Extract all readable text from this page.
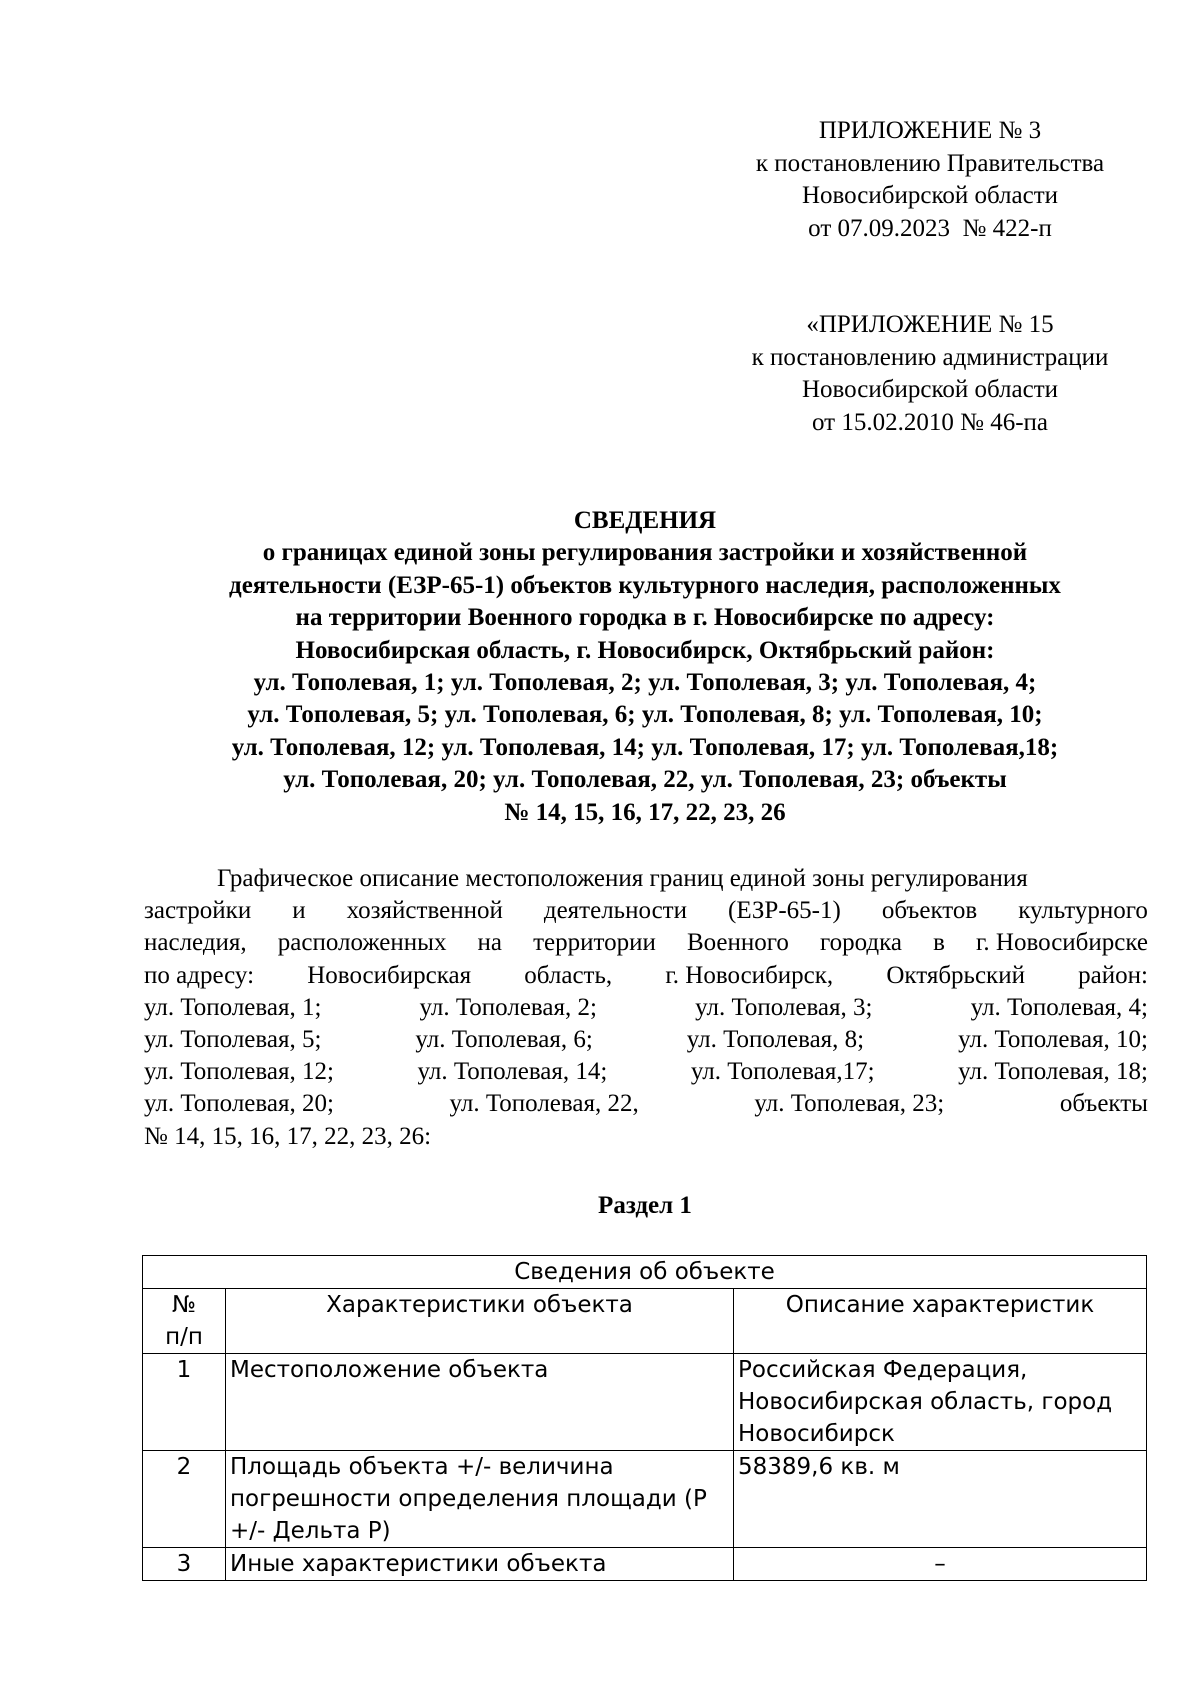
ПРИЛОЖЕНИЕ № 3
к постановлению Правительства
Новосибирской области
от 07.09.2023  № 422-п
«ПРИЛОЖЕНИЕ № 15
к постановлению администрации
Новосибирской области
от 15.02.2010 № 46-па
СВЕДЕНИЯ
о границах единой зоны регулирования застройки и хозяйственной
деятельности (ЕЗР-65-1) объектов культурного наследия, расположенных
на территории Военного городка в г. Новосибирске по адресу:
Новосибирская область, г. Новосибирск, Октябрьский район:
ул. Тополевая, 1; ул. Тополевая, 2; ул. Тополевая, 3; ул. Тополевая, 4;
ул. Тополевая, 5; ул. Тополевая, 6; ул. Тополевая, 8; ул. Тополевая, 10;
ул. Тополевая, 12; ул. Тополевая, 14; ул. Тополевая, 17; ул. Тополевая,18;
ул. Тополевая, 20; ул. Тополевая, 22, ул. Тополевая, 23; объекты
№ 14, 15, 16, 17, 22, 23, 26
Графическое описание местоположения границ единой зоны регулирования
застройки и хозяйственной деятельности (ЕЗР-65-1) объектов культурного
наследия, расположенных на территории Военного городка в г. Новосибирске
по адресу: Новосибирская область, г. Новосибирск, Октябрьский район:
ул. Тополевая, 1;	ул. Тополевая, 2;	ул. Тополевая, 3;	ул. Тополевая, 4;
ул. Тополевая, 5;	ул. Тополевая, 6;	ул. Тополевая, 8;	ул. Тополевая, 10;
ул. Тополевая, 12;	ул. Тополевая, 14;	ул. Тополевая,17;	ул. Тополевая, 18;
ул. Тополевая, 20;	ул. Тополевая, 22,	ул. Тополевая, 23;	объекты
№ 14, 15, 16, 17, 22, 23, 26:
Раздел 1
Сведения об объекте		
№ п/п	Характеристики объекта	Описание характеристик
1	Местоположение объекта	Российская Федерация, Новосибирская область, город Новосибирск
2	Площадь объекта +/- величина погрешности определения площади (Р +/- Дельта Р)	58389,6 кв. м
3	Иные характеристики объекта	–
